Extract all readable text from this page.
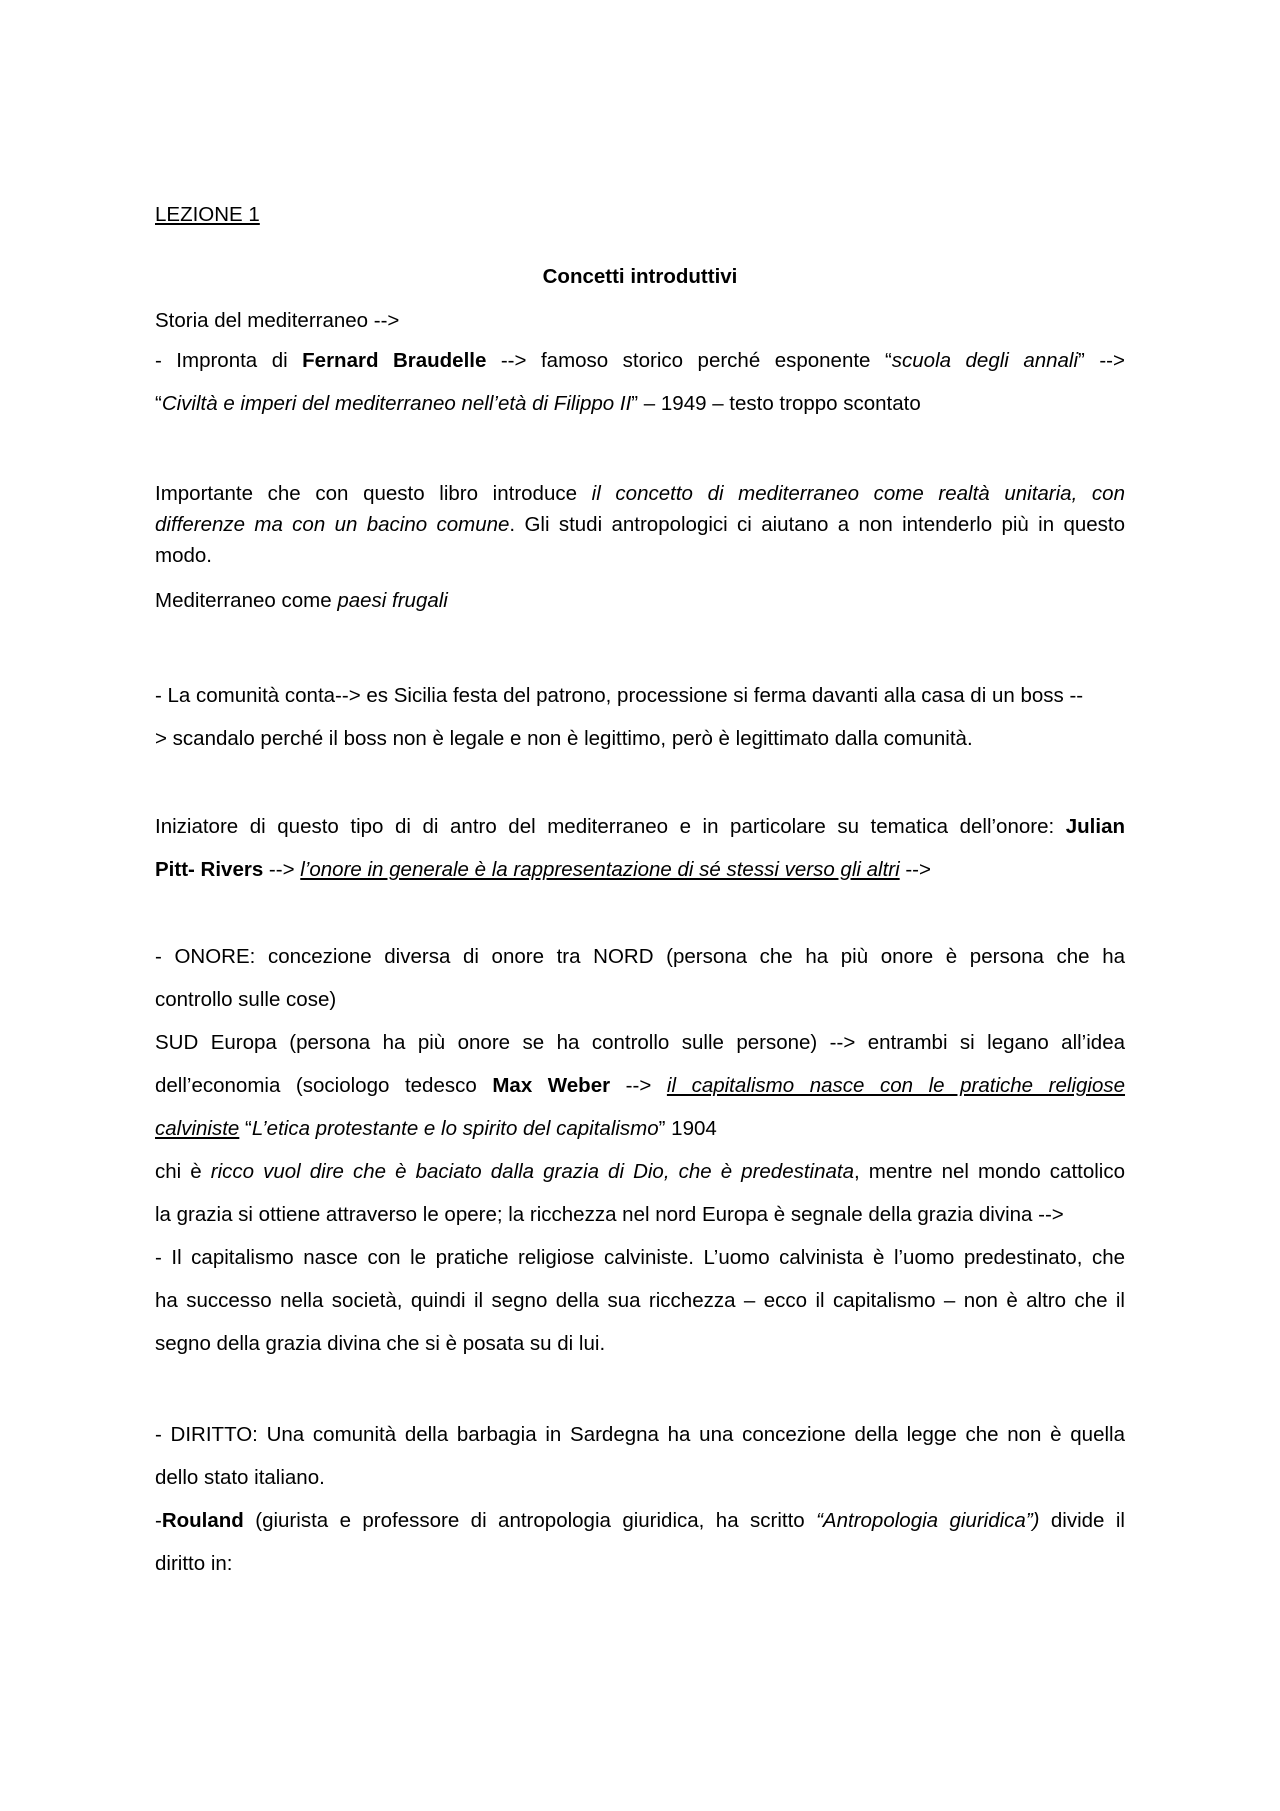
LEZIONE 1

Concetti introduttivi

Storia del mediterraneo -->

- Impronta di Fernard Braudelle --> famoso storico perché esponente “scuola degli annali” -->
“Civiltà e imperi del mediterraneo nell’età di Filippo II” – 1949 – testo troppo scontato
Importante che con questo libro introduce il concetto di mediterraneo come realtà unitaria, con
differenze ma con un bacino comune. Gli studi antropologici ci aiutano a non intenderlo più in questo
modo.

Mediterraneo come paesi frugali

- La comunità conta--> es Sicilia festa del patrono, processione si ferma davanti alla casa di un boss --
> scandalo perché il boss non è legale e non è legittimo, però è legittimato dalla comunità.
Iniziatore di questo tipo di di antro del mediterraneo e in particolare su tematica dell’onore: Julian
Pitt- Rivers --> l’onore in generale è la rappresentazione di sé stessi verso gli altri -->
- ONORE: concezione diversa di onore tra NORD (persona che ha più onore è persona che ha
controllo sulle cose)
SUD Europa (persona ha più onore se ha controllo sulle persone) --> entrambi si legano all’idea
dell’economia (sociologo tedesco Max Weber --> il capitalismo nasce con le pratiche religiose
calviniste “L’etica protestante e lo spirito del capitalismo” 1904
chi è ricco vuol dire che è baciato dalla grazia di Dio, che è predestinata, mentre nel mondo cattolico
la grazia si ottiene attraverso le opere; la ricchezza nel nord Europa è segnale della grazia divina -->
- Il capitalismo nasce con le pratiche religiose calviniste. L’uomo calvinista è l’uomo predestinato, che
ha successo nella società, quindi il segno della sua ricchezza – ecco il capitalismo – non è altro che il
segno della grazia divina che si è posata su di lui.
- DIRITTO: Una comunità della barbagia in Sardegna ha una concezione della legge che non è quella
dello stato italiano.
-Rouland (giurista e professore di antropologia giuridica, ha scritto “Antropologia giuridica”) divide il
diritto in:
